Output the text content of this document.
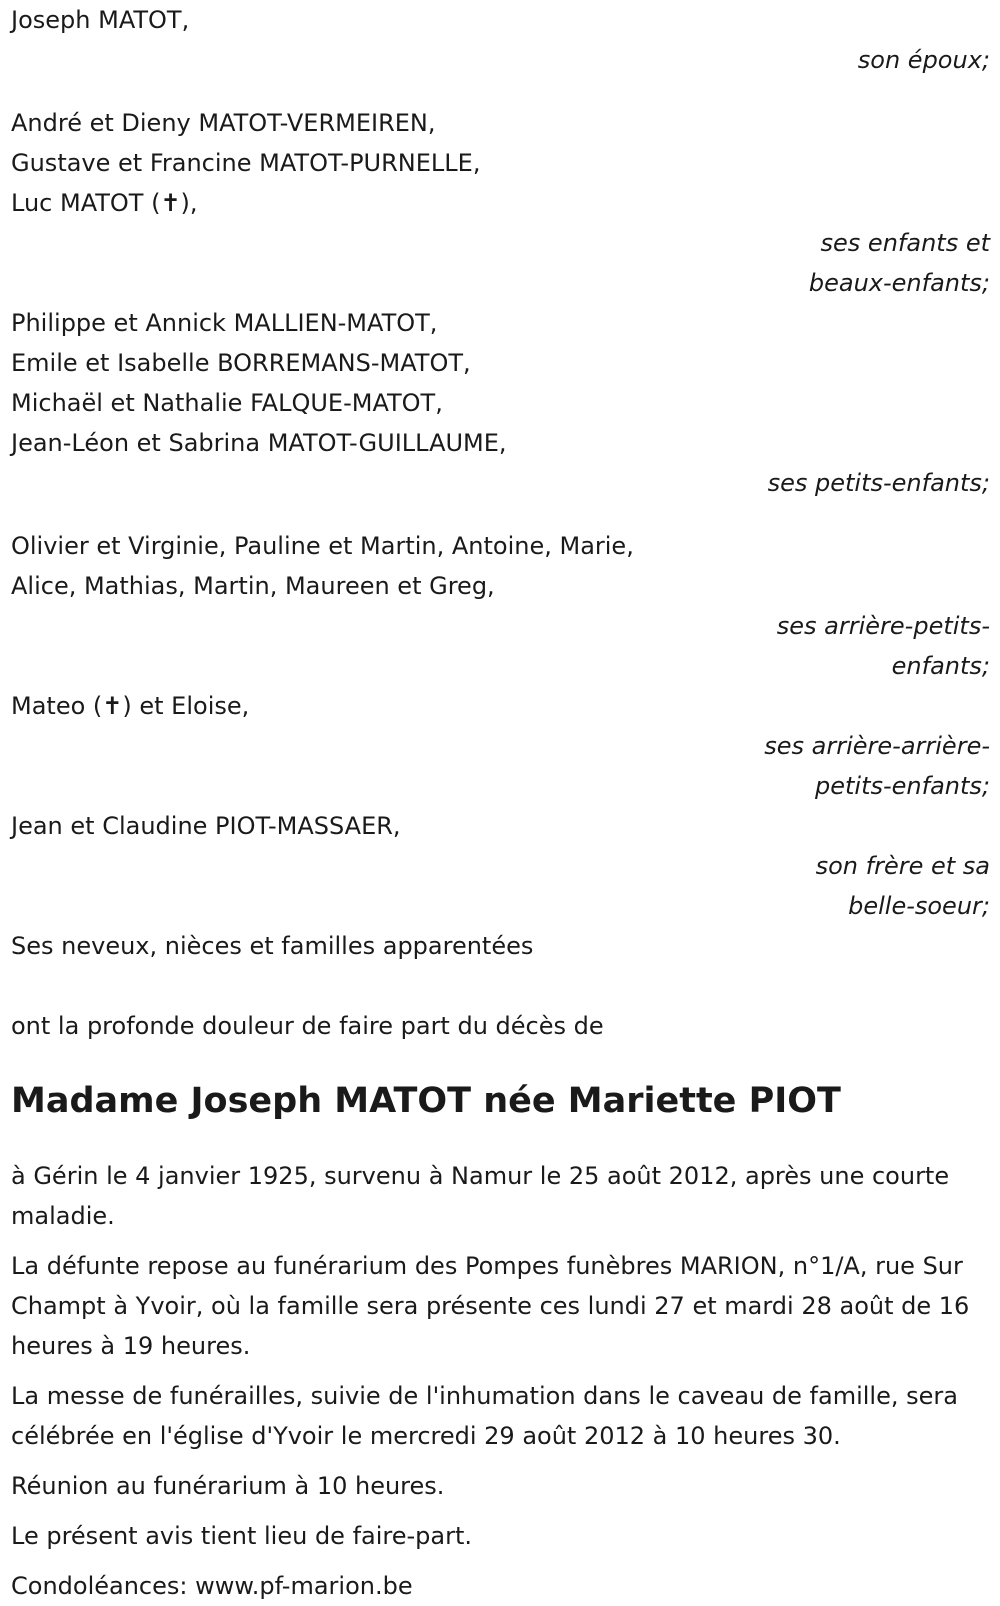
Joseph MATOT,
son époux;
André et Dieny MATOT-VERMEIREN,
Gustave et Francine MATOT-PURNELLE,
Luc MATOT (✝),
ses enfants et
beaux-enfants;
Philippe et Annick MALLIEN-MATOT,
Emile et Isabelle BORREMANS-MATOT,
Michaël et Nathalie FALQUE-MATOT,
Jean-Léon et Sabrina MATOT-GUILLAUME,
ses petits-enfants;
Olivier et Virginie, Pauline et Martin, Antoine, Marie,
Alice, Mathias, Martin, Maureen et Greg,
ses arrière-petits-
enfants;
Mateo (✝) et Eloise,
ses arrière-arrière-
petits-enfants;
Jean et Claudine PIOT-MASSAER,
son frère et sa
belle-soeur;
Ses neveux, nièces et familles apparentées
ont la profonde douleur de faire part du décès de
Madame Joseph MATOT née Mariette PIOT

à Gérin le 4 janvier 1925, survenu à Namur le 25 août 2012, après une courte maladie.

La défunte repose au funérarium des Pompes funèbres MARION, n°1/A, rue Sur Champt à Yvoir, où la famille sera présente ces lundi 27 et mardi 28 août de 16 heures à 19 heures.

La messe de funérailles, suivie de l'inhumation dans le caveau de famille, sera célébrée en l'église d'Yvoir le mercredi 29 août 2012 à 10 heures 30.

Réunion au funérarium à 10 heures.

Le présent avis tient lieu de faire-part.

Condoléances: www.pf-marion.be
